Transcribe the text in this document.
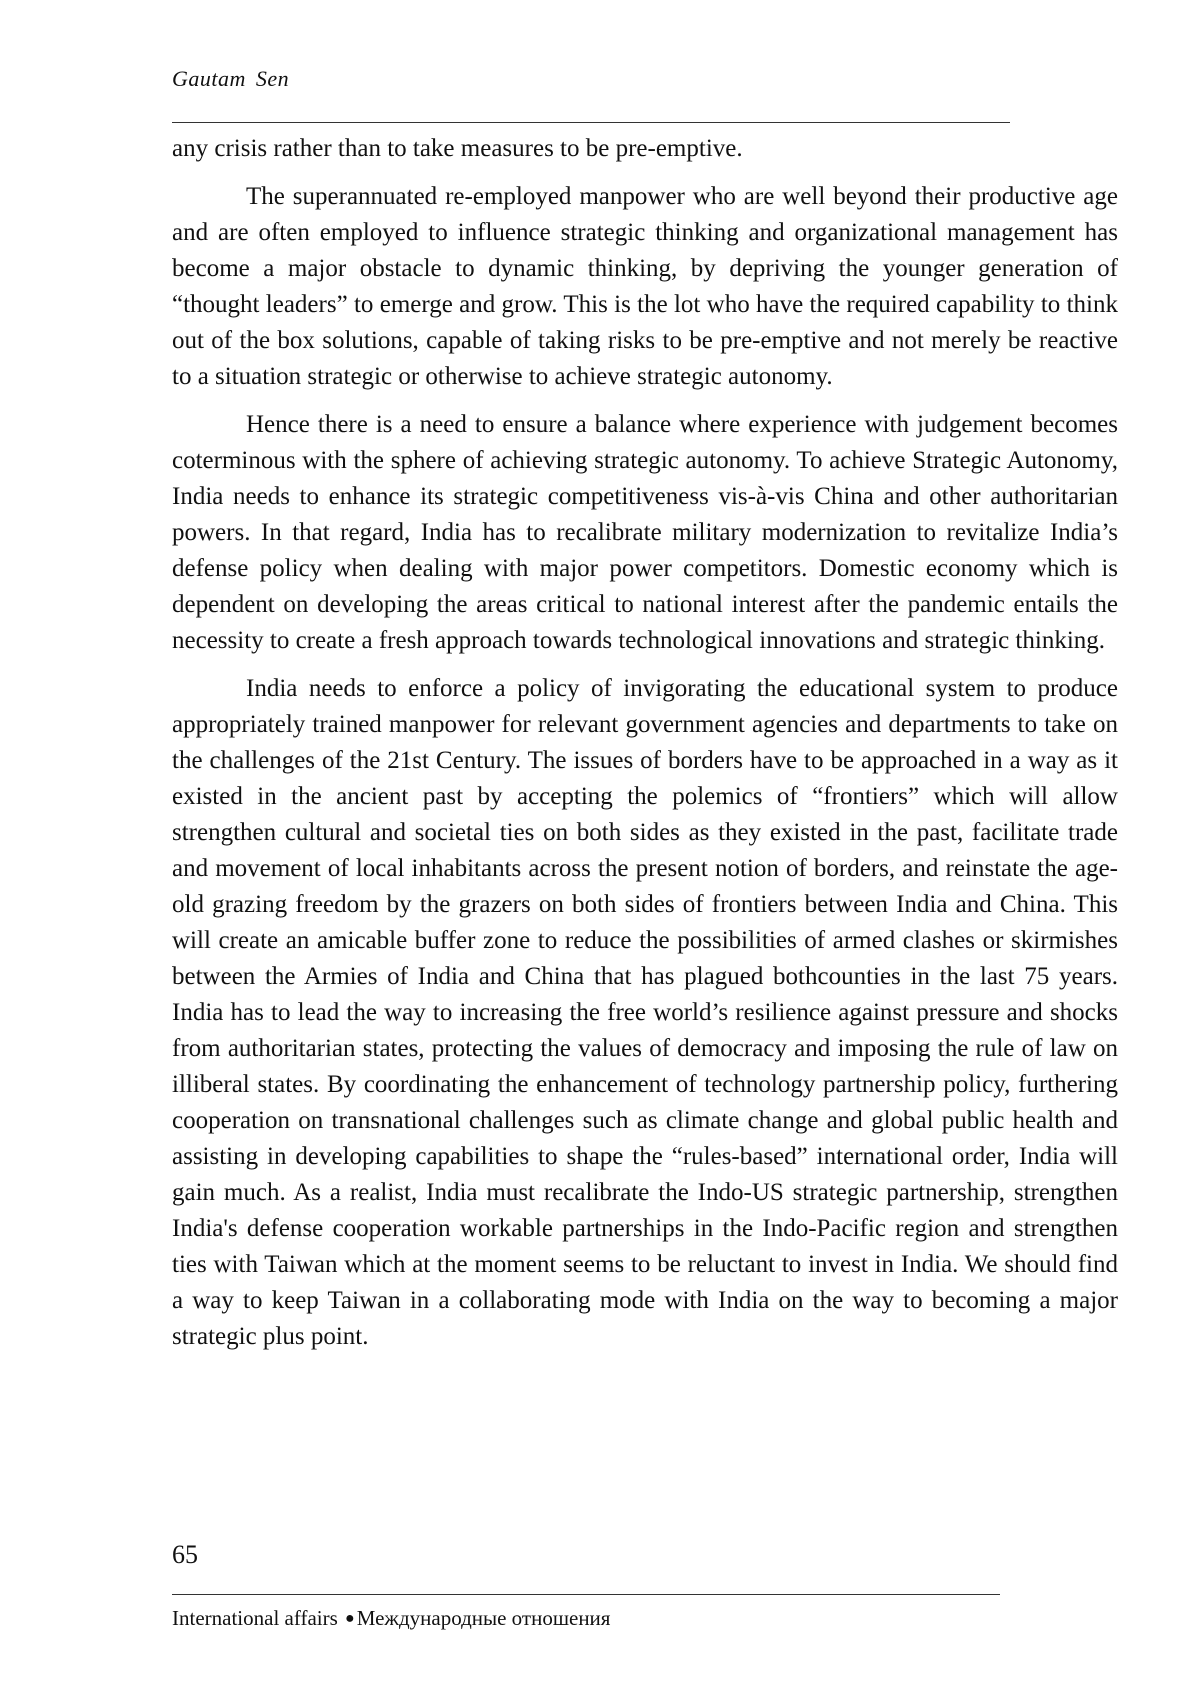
Gautam Sen

any crisis rather than to take measures to be pre-emptive.

The superannuated re-employed manpower who are well beyond their productive age and are often employed to influence strategic thinking and organizational management has become a major obstacle to dynamic thinking, by depriving the younger generation of “thought leaders” to emerge and grow. This is the lot who have the required capability to think out of the box solutions, capable of taking risks to be pre-emptive and not merely be reactive to a situation strategic or otherwise to achieve strategic autonomy.

Hence there is a need to ensure a balance where experience with judgement becomes coterminous with the sphere of achieving strategic autonomy. To achieve Strategic Autonomy, India needs to enhance its strategic competitiveness vis-à-vis China and other authoritarian powers. In that regard, India has to recalibrate military modernization to revitalize India’s defense policy when dealing with major power competitors. Domestic economy which is dependent on developing the areas critical to national interest after the pandemic entails the necessity to create a fresh approach towards technological innovations and strategic thinking.

India needs to enforce a policy of invigorating the educational system to produce appropriately trained manpower for relevant government agencies and departments to take on the challenges of the 21st Century. The issues of borders have to be approached in a way as it existed in the ancient past by accepting the polemics of “frontiers” which will allow strengthen cultural and societal ties on both sides as they existed in the past, facilitate trade and movement of local inhabitants across the present notion of borders, and reinstate the age-old grazing freedom by the grazers on both sides of frontiers between India and China. This will create an amicable buffer zone to reduce the possibilities of armed clashes or skirmishes between the Armies of India and China that has plagued bothcounties in the last 75 years. India has to lead the way to increasing the free world’s resilience against pressure and shocks from authoritarian states, protecting the values of democracy and imposing the rule of law on illiberal states. By coordinating the enhancement of technology partnership policy, furthering cooperation on transnational challenges such as climate change and global public health and assisting in developing capabilities to shape the “rules-based” international order, India will gain much. As a realist, India must recalibrate the Indo-US strategic partnership, strengthen India's defense cooperation workable partnerships in the Indo-Pacific region and strengthen ties with Taiwan which at the moment seems to be reluctant to invest in India. We should find a way to keep Taiwan in a collaborating mode with India on the way to becoming a major strategic plus point.

65
International affairs ●Международные отношения
